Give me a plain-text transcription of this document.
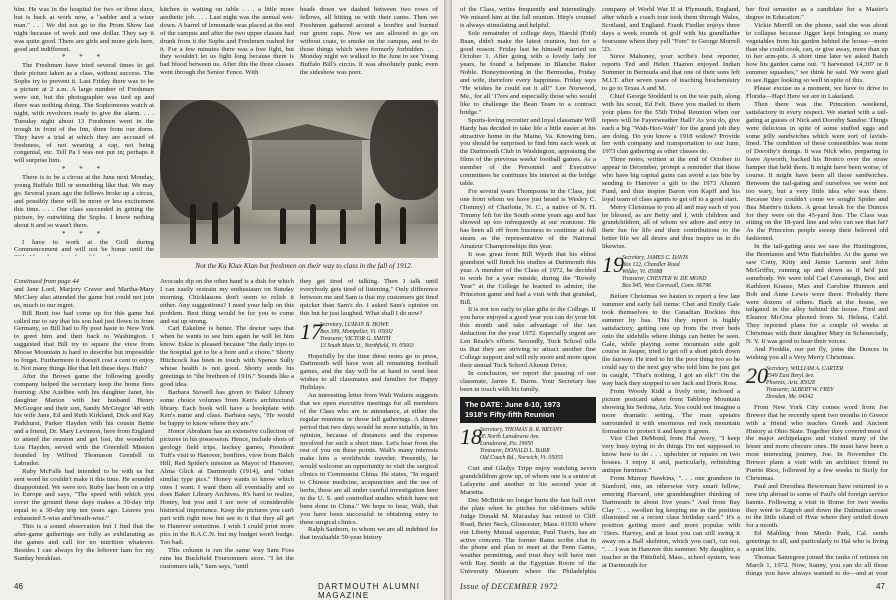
him. He was in the hospital for two or three days, but is back at work now, a "sadder and a wiser man." . . . We did not go to the Prom Show last night because of work and one dollar. They say it was quite good. There are girls and more girls here, good and indifferent.

* * *

The Freshmen have tried several times to get their picture taken as a class, without success. The Sophs try to prevent it. Last Friday there was to be a picture at 2 a.m. A large number of Freshmen were out, but the photographer was tied up and there was nothing doing. The Sophomores watch at night, with revolvers ready to give the alarm. . . . Tuesday night about 13 Freshmen went in the trough in front of the Inn, three from our dorm. They have a trial at which they are accused of freshness, of not wearing a cap, not being congenial, etc. Tell Pa I was not put in; perhaps it will surprise him.

* * *

There is to be a circus at the June next Monday, young Buffalo Bill or something like that. We may go. Several years ago the fellows broke up a circus, and possibly there will be more or less excitement this time. . . . Our class succeeded in getting the picture, by outwitting the Sophs. I know nothing about it and so wasn't there.

* * *

I have to work at the Grill during Commencement and will not be home until the

Not the Ku Klux Klan but freshmen on their way to class in the fall of 1912.

kitchen to waiting on table . . . a little more aesthetic job. . . . Last night was the annual wet-down. A barrel of lemonade was placed at the end of the campus and after the two upper classes had drunk from it the Sophs and Freshmen rushed for it. For a few minutes there was a free fight, but they wouldn't let us fight long because there is bad blood between us. After this the three classes went through the Senior Fence. With

heads down we dashed between two rows of fellows, all hitting us with their canes. Then we Freshmen gathered around a bonfire and burned our green caps. Now we are allowed to go on without coats, to smoke on the campus, and to do those things which were formerly forbidden. . . . Monday night we walked to the June to see Young Buffalo Bill's circus. It was absolutely punk; even the sideshow was poor.

Continued from page 44

and Jane Lord, Marjory Craver and Martha-Mary McClary also attended the game but could not join us, much to our regret.

Bill Brett too had come up for this game but called me to say that his son had just flown in from Germany, so Bill had to fly post haste to New York to greet him and then back to Washington. I suggested that Bill try to square the view from Moose Mountain is hard to describe but impossible to forget. Furthermore it doesn't cost a cent to enjoy it. Not many things like that left these days. Huh?

After the Brown game the following goodly company helped the secretary keep the home fires burning: Abe Axelbee with his daughter Janet, his daughter Marion with her husband Henry McGregor and their son, Sandy McGregor '48 with his wife Jane, Ed and Ruth Kirkland, Dick and Kay Parkhurst, Parker Hayden with his cousin Bettie and a friend, Dr. Mary Levinson, here from England to attend the reunion and get lost, the wonderful Lou Hayden, served with the Greenfell Mission founded by Wilfred Thomason Grenfell in Labrador.

Ruby McFalls had intended to be with us but sent word he couldn't make it this time. He sounded disappointed. We were too. Ruby has been on a trip to Europe and says, "The speed with which you cover the ground these days makes a 30-day trip equal to a 30-day trip ten years ago. Leaves you exhausted 5-wise and breath-wise."

This is a sound observation but I find that the after-game gatherings are fully as exhilarating as the games and call for no nutrition whatever. Besides I can always fry the leftover ham for my Sunday breakfast.

Avocado dip on the other hand is a dish for which I can easily restrain my enthusiasm on Sunday morning. Chicklasons don't seem to relish it either. Any suggestions? I need your help on this problem. Best thing would be for you to come and eat up strong.

Carl Eskeline is better. The doctor says that when he wants to see him again he will let him know. Eskie is pleased because "the daily trips to the hospital got to be a bore and a chore." Shorty Hitchcock has been in touch with Spence Sully whose health is not good. Shorty sends his greetings to "the brethren of 1916." Sounds like a good idea.

Barbara Stowell has given to Baker Library some choice volumes from Ken's architectural library. Each book will have a bookplate with Ken's name and class. Barbara says, "He would be happy to know where they are."

Honor Abraham has an extensive collection of pictures in his possession. Hence, include shots of geology field trips, hockey games, President Tuft's visit to Hanover, bonfires, view from Balch Hill, Red Spider's mission as Mayor of Hanover, Alma Glick at Dartmouth (1914), and "other similar type pics." Honey wants to know which ones I want. I want them all eventually and so does Baker Library Archives. It's hard to realize, Honey, but you and I are now of considerable historical importance. Keep the pictures you can't part with right now but see to it that they all get to Hanover sometime. I wish I could print more pics in the B.A.C.N. but my budget won't budge. Too bad.

This column is run the same way Sam Foss runs his Buckfield Foursonners store. "I let the customers talk," Sam says, "until

they get tired of talking. Then I talk until everybody gets tired of listening." Only difference between me and Sam is that my customers get tired quicker than Sam's do. I asked Sam's opinion on this but he just laughed. What shall I do now?

17
Secretary, LUMAN B. HOWE
Box 399, Montpelier, Vt. 05602
Treasurer, VICTOR G. SMITH
13 South Main St., Northfield, Vt. 05663

Hopefully by the time these notes go to press, Dartmouth will have won all remaining football games, and the day will be at hand to send best wishes to all classmates and families for Happy Holidays.

An interesting letter from Walt Walters suggests that we open executive meetings for all members of the Class who are in attendance, at either the regular reunions or those fall gatherings. A dinner period that two days would be more suitable, in his opinion, because of distances and the expense involved for such a short time. Let's hear from the rest of you on these points. Walt's many interests make him a worldwide traveler. Presently, he would welcome an opportunity to visit the surgical clinics in Communist China. He states, "In regard to Chinese medicine, acupuncture and the use of herbs, these are all under careful investigation here in the U. S. and controlled studies which have not been done in China." We hope to hear, Walt, that you have been successful in obtaining entry to these surgical clinics.

Ralph Sanborn, to whom we are all indebted for that invaluable 50-year history

46	DARTMOUTH ALUMNI MAGAZINE

of the Class, writes frequently and interestingly. We missed him at the fall reunion. Hirp's counsel is always stimulating and helpful.

Sole remainder of college days, Harold (Frid) Bean, didn't make the latest reunion, but for a good reason. Friday last he himself married on October 1. After going with a lovely lady for years, he found a helpmate in Blanche Baker Noble. Honeymooning in the Bermudas, Friday and wife, therefore every happiness. Friday says "He wishes he could eat it all!" Lee Norwood, Me., for all '17ers and especially those who would like to challenge the Bean Team to a contract bridge."

Sports-loving recruiter and loyal classmate Will Hardy has decided to take life a little easier at his attractive home in the Maine, Va. Knowing him, you should be surprised to find him each week at the Dartmouth Club in Washington, appraising the films of the previous weeks' football games. As a member of the Personnel and Executive committees he continues his interest at the bridge table.

For several years Thompsons in the Class, just one from whom we have just heard is Wesley C. (Tommy) of Charlotte, N. C., a native of N. H. Tommy left for the South some years ago and has showed up too infrequently at our reunions. He has been all off from business to continue at full steam as the representative of the National Amateur Championships this year.

It was great from Bill Wyeth that his eldest grandson will finish his studies at Dartmouth this year. A member of the Class of 1972, he decided to work for a year outside, during the "Rowdy Year" at the College he learned to admire, the Princeton game and had a visit with that grandad, Bill.

It is not too early to plan gifts to the College. If you have enjoyed a good year you can do your bit this month and take advantage of the tax deduction for the year 1972. Especially urgent are Len Reade's efforts. Secondly, Tuck School tells us that they are striving to attract another fine College support and will rely more and more upon their annual Tuck School Alumni Drive.

In conclusion, we report the passing of our classmate, James E. Burns. Your Secretary has been in touch with his family.

The DATE: June 8-10, 1973
1918's Fifty-fifth Reunion
18
Secretary, THOMAS B. R. BRYANT
95 North Lansdowne Ave.
Lansdowne, Pa. 19050
Treasurer, DONALD L. BARR
Old Coach Rd., Norwich, Vt. 05055

Curt and Gladys Tripp enjoy watching seven grandchildren grow up, of whom one is a senior at Lafayette and another in his second year at Marietta.

Doc McBride no longer hurts the fast ball over the plate when he pitches for old-timers while Judge Donald M. Macaulay has retired to Cliff Road, Brier Neck, Gloucester, Mass. 01930 where our Liberty Mutual superstar, Paul Travis, has an active concern. The former Rams scribe chat in the phone and plan to meet at the Penn Game, weather permitting, and trust they will have met with Ray Smith at the Egyptian Room of the University Museum where the Philadelphia

company of World War II at Plymouth, England, after which a coach tour took them through Wales, Scotland, and England. Frank Fiedler enjoys three days a week rounds of golf with his grandfather foursome where they yell "Fore" to George Morrell '23.

Steve Mahoney, your scribe's best reporter, reports Ted and Helen Haaren enjoyed Indian Summer in Bermuda and that one of their sons left M.I.T. after seven years of teaching biochemistry to go to Texas A and M.

Chief George Stoddard is on the war path, along with his scout, Ed Felt. Have you mailed to them your plans for the 55th Tribal Reunion when our tepees will be Fayerweather Hall? As you do, give each a big "Wah-Hoo-Wah" for the grand job they are doing. Do you know a 1918 widow? Provide her with company and transportation to our June, 1973 clan gathering as other classes do.

Three notes, written at the end of October to appear in December, prompt a reminder that those who have big capital gains can avoid a tax bite by sending to Hanover a gift to the 1973 Alumni Fund, and thus inspire Baron von Kapff and his loyal team of class agents to get off to a good start.

Merry Christmas to you all and may each of you be blessed, as are Betty and I, with children and grandchildren, all of whom we adore and envy in their fun for life and their contributions to the better life we all desire and thus inspire us to do likewise.

19
Secretary, JAMES C. DAVIS
Box 122, Chandler Road
Wilder, Vt. 05088
Treasurer, CHESTER W. DE MOND
Box 945, West Cornwall, Conn. 06796

Before Christmas we hasten to report a few late summer and early fall items: Chet and Emily Gale took themselves to the Canadian Rockies this summer by bus. This they report is highly satisfactory, getting one up from the river beds onto the sidehills where things can better be seen. Gale, while playing some mountain side golf course in Jasper, tried to get off a short pitch down the fairway. He tried to hit the poor thing too so he could say to the next guy who told him he just got in caught, "That's nothing, I got an elk!" On the way back they stopped to see Jack and Doris Ross.

From Woody Kidd a lively note, inclosed a picture postcard taken from Tabletop Mountain showing his Sedona, Ariz. You could not imagine a more dramatic setting. The man upstairs surrounded it with enormous red rock mountain formation to protect it and keep it green.

Vice Chet DeMond, from Hal Avery, "I keep very busy trying to do things I'm not supposed to know how to do . . . upholster or repairs on two houses. I enjoy it and, particularly, refinishing antique furniture."

From Murray Hawkins, ". . . one grandson in Stanford, one, an otherwise very smart fellow, entering Harvard, one granddaughter thinking of Dartmouth in about five years." And from Ray Clay ". . . swollen leg keeping me in the position illustrated on a recent class birthday card." It's a position getting more and more popular with '19ers. Harvey, and at least you can still swing it away on a Ball skeleton, which you can't, cut out. ". . . I was in Hanover this summer. My daughter, a teacher in the Pittsfield, Mass., school system, was at Dartmouth for

her first semester as a candidate for a Master's degree in Education."

Vickie Merrill on the phone, said she was about to collapse because Jigger kept bringing so many vegetables from his garden behind the house—more than she could cook, can, or give away, more than up to her arm-pits. A short time later we asked Batch how his garden came out. "I harvested 14,307 or 8 summer squashes," we think he said. We were glad to see Jigger looking so well in spite of this.

Please excuse us a moment, we have to drive to Florida—Hap! Here we are in Lakeland.

Then there was the Princeton weekend, satisfactory in every respect. We started with a tail-gating at guests of Nick and Dorothy Sandoe. Things were delicious in spite of some stuffed eggs and some jelly sandwiches which were sort of lavish-lined. The condition of these comestibles was none of Dorothy's doings. It was Nick who, preparing to leave Ayworth, backed his Bronco over the straw hamper that held them. It might have been worse, of course. It might have been all those sandwiches. Between the tail-gating and ourselves we were not too wary, but a very little idea who was there. Because they couldn't come we sought Spider and Bea Martin's tickets. A great break for the Dunces for they were on the 45-yard line. The Class was sitting on the 18-yard line and who can see that far? As the Princeton people sweep their beloved old fashioned.

In the tail-gating area we saw the Huntingtons, the Brentanos and Win Batchelder. At the game we saw Cotty, Kitty and Jamie Larmon and John McGriffin, running up and down as if he'd just somebody. We were told Carl Cavanaugh, Doc and Kathleen Krause, Max and Caroline Hunnon and Bob and Anne Lewis were there. Probably there were dozens of others. Back at the house, we tailgated in the alley behind the house. Fred and Eleanor McCrea phoned from St. Helena, Calif. They reported plans for a couple of weeks at Christmas with their daughter Mary in Schenectady, N. Y. It was good to hear their voices.

And Freddie, our pet fly, joins the Dunces in wishing you all a Very Merry Christmas.

20
Secretary, WILLIAM A. CARTER
2549 East Beryl Ave.
Phoenix, Ariz. 85028
Treasurer, ALBERT W. FREY
Dresden, Me. 04342

From New York City comes word from Joe Brewer that he recently spent two months in Greece with a friend who teaches Greek and Ancient History at Ohio State. Together they covered most of the major archipelagos and visited many of the lesser and more obscure ones. He must have been a most interesting journey, Joe. In November Dr. Brewer plans a visit with an architect friend in Puerto Rico, followed by a few weeks in Sicily for Christmas.

Paul and Dorothea Bewerman have returned to a new trip abroad to some of Paul's old foreign service haunts. Following a visit in Rome for two weeks they went to Zagreb and down the Dalmatian coast to the little island of Hvar where they settled down for a month.

Ed Mahling from Menlo Park, Cal. sends greetings to all, and particularly to Hal who is living a quiet life.

Thomas Sanregren joined the ranks of retirees on March 1, 1972. Now, Sunny, you can do all those things you have always wanted to do—and at your

Issue of DECEMBER 1972	47
